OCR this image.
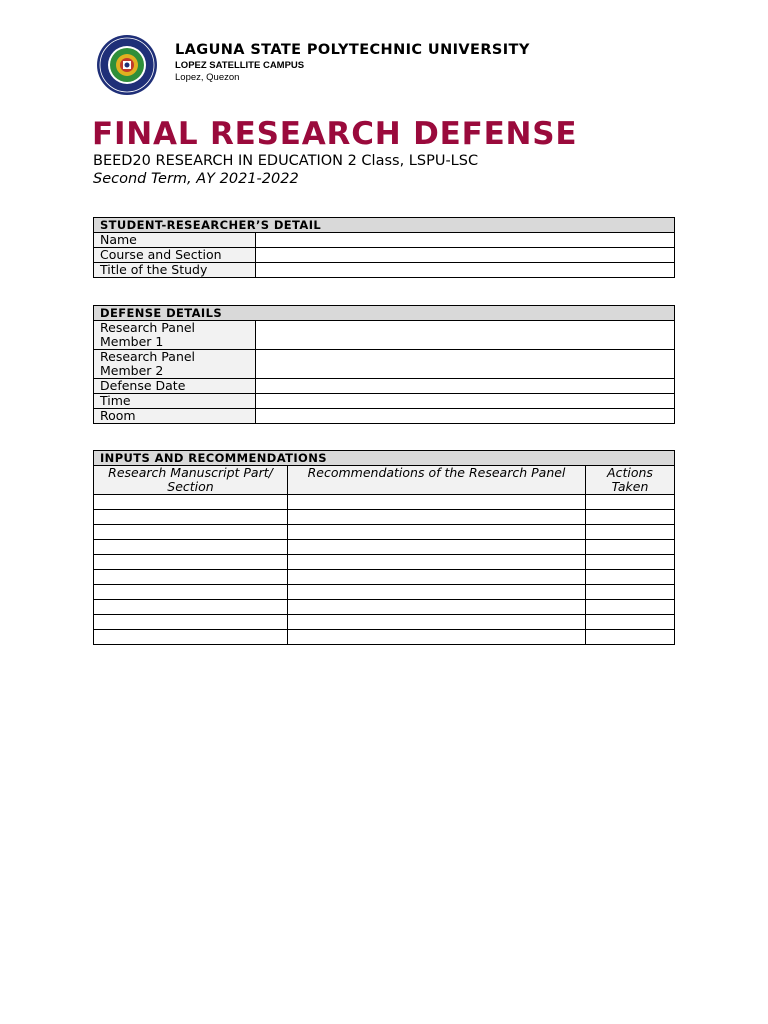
LAGUNA STATE POLYTECHNIC UNIVERSITY
LOPEZ SATELLITE CAMPUS
Lopez, Quezon
FINAL RESEARCH DEFENSE
BEED20 RESEARCH IN EDUCATION 2 Class, LSPU-LSC
Second Term, AY 2021-2022
STUDENT-RESEARCHER’S DETAIL	
Name	
Course and Section	
Title of the Study	
DEFENSE DETAILS	
Research Panel Member 1	
Research Panel Member 2	
Defense Date	
Time	
Room	
INPUTS AND RECOMMENDATIONS		
Research Manuscript Part/ Section	Recommendations of the Research Panel	Actions Taken
